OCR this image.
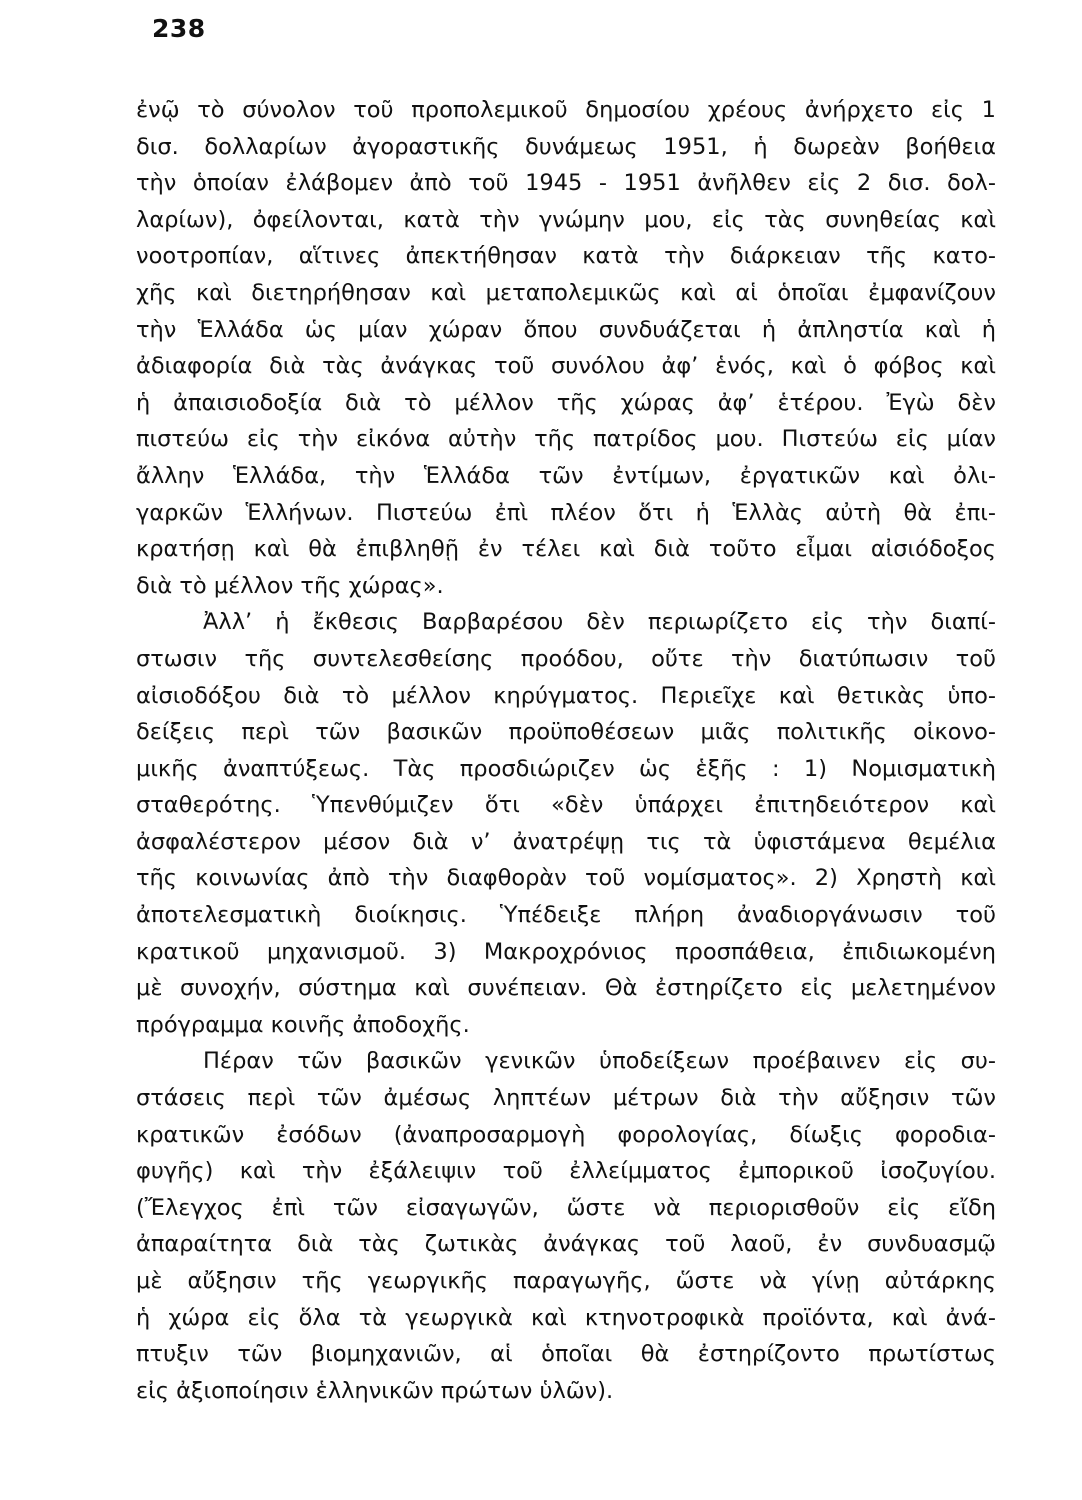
238
ἐνῷ τὸ σύνολον τοῦ προπολεμικοῦ δημοσίου χρέους ἀνήρχετο εἰς 1
δισ. δολλαρίων ἀγοραστικῆς δυνάμεως 1951, ἡ δωρεὰν βοήθεια
τὴν ὁποίαν ἐλάβομεν ἀπὸ τοῦ 1945 - 1951 ἀνῆλθεν εἰς 2 δισ. δολ-
λαρίων), ὀφείλονται, κατὰ τὴν γνώμην μου, εἰς τὰς συνηθείας καὶ
νοοτροπίαν, αἵτινες ἀπεκτήθησαν κατὰ τὴν διάρκειαν τῆς κατο-
χῆς καὶ διετηρήθησαν καὶ μεταπολεμικῶς καὶ αἱ ὁποῖαι ἐμφανίζουν
τὴν Ἑλλάδα ὡς μίαν χώραν ὅπου συνδυάζεται ἡ ἀπληστία καὶ ἡ
ἀδιαφορία διὰ τὰς ἀνάγκας τοῦ συνόλου ἀφ’ ἑνός, καὶ ὁ φόβος καὶ
ἡ ἀπαισιοδοξία διὰ τὸ μέλλον τῆς χώρας ἀφ’ ἑτέρου. Ἐγὼ δὲν
πιστεύω εἰς τὴν εἰκόνα αὐτὴν τῆς πατρίδος μου. Πιστεύω εἰς μίαν
ἄλλην Ἑλλάδα, τὴν Ἑλλάδα τῶν ἐντίμων, ἐργατικῶν καὶ ὀλι-
γαρκῶν Ἑλλήνων. Πιστεύω ἐπὶ πλέον ὅτι ἡ Ἑλλὰς αὐτὴ θὰ ἐπι-
κρατήσῃ καὶ θὰ ἐπιβληθῇ ἐν τέλει καὶ διὰ τοῦτο εἶμαι αἰσιόδοξος
διὰ τὸ μέλλον τῆς χώρας».
Ἀλλ’ ἡ ἔκθεσις Βαρβαρέσου δὲν περιωρίζετο εἰς τὴν διαπί-
στωσιν τῆς συντελεσθείσης προόδου, οὔτε τὴν διατύπωσιν τοῦ
αἰσιοδόξου διὰ τὸ μέλλον κηρύγματος. Περιεῖχε καὶ θετικὰς ὑπο-
δείξεις περὶ τῶν βασικῶν προϋποθέσεων μιᾶς πολιτικῆς οἰκονο-
μικῆς ἀναπτύξεως. Τὰς προσδιώριζεν ὡς ἑξῆς : 1) Νομισματικὴ
σταθερότης. Ὑπενθύμιζεν ὅτι «δὲν ὑπάρχει ἐπιτηδειότερον καὶ
ἀσφαλέστερον μέσον διὰ ν’ ἀνατρέψῃ τις τὰ ὑφιστάμενα θεμέλια
τῆς κοινωνίας ἀπὸ τὴν διαφθορὰν τοῦ νομίσματος». 2) Χρηστὴ καὶ
ἀποτελεσματικὴ διοίκησις. Ὑπέδειξε πλήρη ἀναδιοργάνωσιν τοῦ
κρατικοῦ μηχανισμοῦ. 3) Μακροχρόνιος προσπάθεια, ἐπιδιωκομένη
μὲ συνοχήν, σύστημα καὶ συνέπειαν. Θὰ ἐστηρίζετο εἰς μελετημένον
πρόγραμμα κοινῆς ἀποδοχῆς.
Πέραν τῶν βασικῶν γενικῶν ὑποδείξεων προέβαινεν εἰς συ-
στάσεις περὶ τῶν ἀμέσως ληπτέων μέτρων διὰ τὴν αὔξησιν τῶν
κρατικῶν ἐσόδων (ἀναπροσαρμογὴ φορολογίας, δίωξις φοροδια-
φυγῆς) καὶ τὴν ἐξάλειψιν τοῦ ἐλλείμματος ἐμπορικοῦ ἰσοζυγίου.
(Ἔλεγχος ἐπὶ τῶν εἰσαγωγῶν, ὥστε νὰ περιορισθοῦν εἰς εἴδη
ἀπαραίτητα διὰ τὰς ζωτικὰς ἀνάγκας τοῦ λαοῦ, ἐν συνδυασμῷ
μὲ αὔξησιν τῆς γεωργικῆς παραγωγῆς, ὥστε νὰ γίνῃ αὐτάρκης
ἡ χώρα εἰς ὅλα τὰ γεωργικὰ καὶ κτηνοτροφικὰ προϊόντα, καὶ ἀνά-
πτυξιν τῶν βιομηχανιῶν, αἱ ὁποῖαι θὰ ἐστηρίζοντο πρωτίστως
εἰς ἀξιοποίησιν ἑλληνικῶν πρώτων ὑλῶν).
